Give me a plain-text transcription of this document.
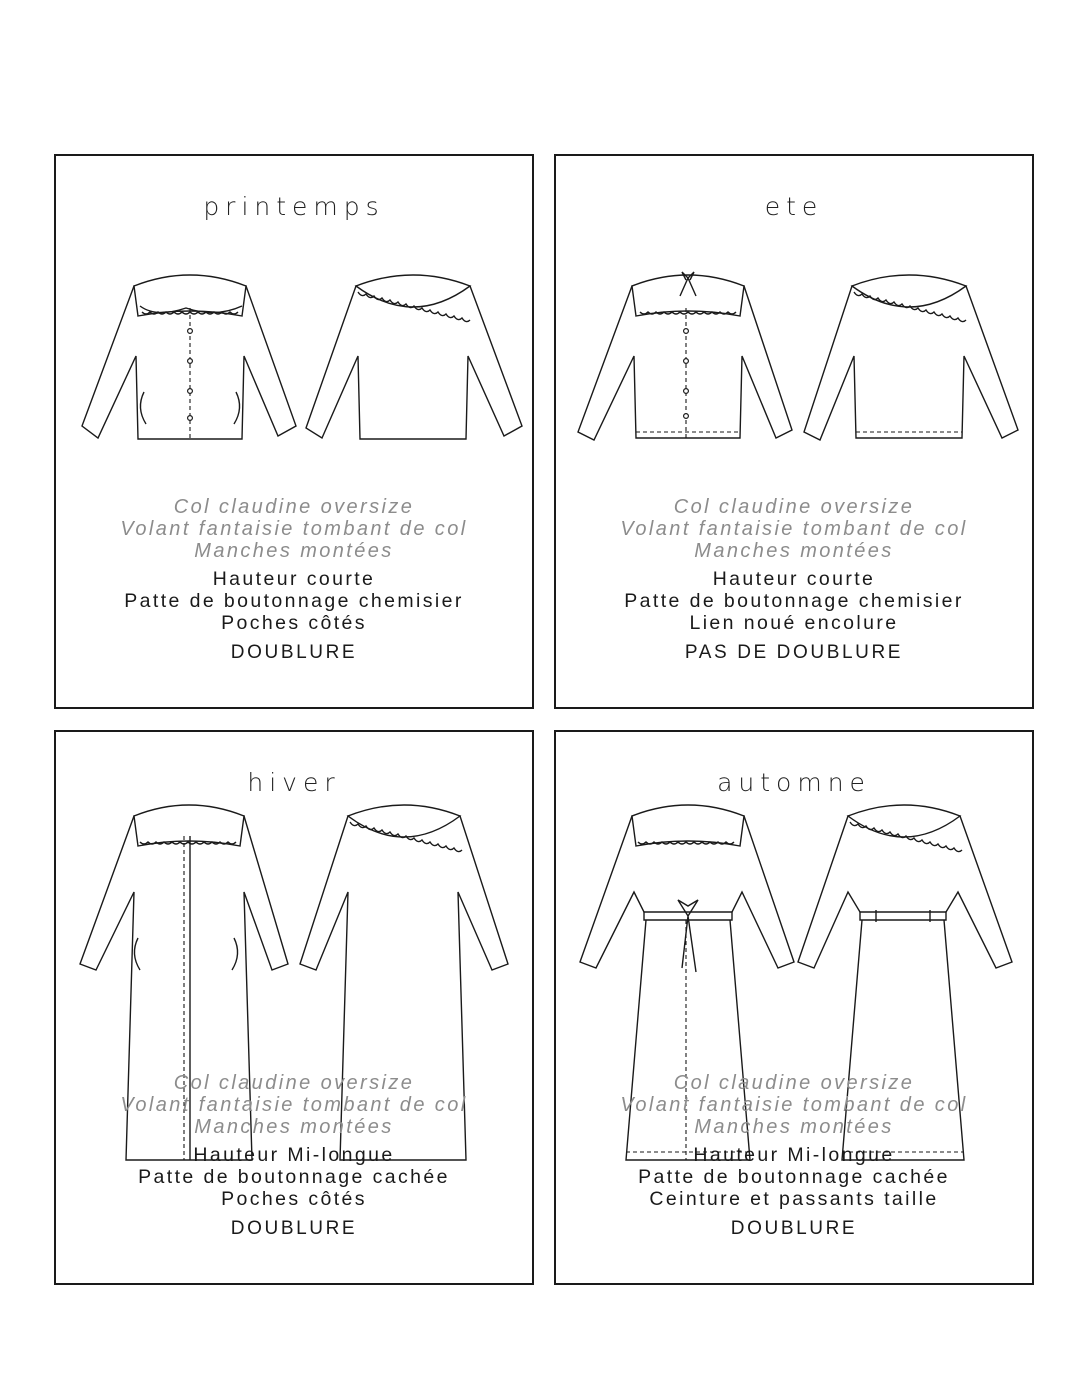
printemps
Col claudine oversize
Volant fantaisie tombant de col
Manches montées
Hauteur courte
Patte de boutonnage chemisier
Poches côtés
DOUBLURE
ete
Col claudine oversize
Volant fantaisie tombant de col
Manches montées
Hauteur courte
Patte de boutonnage chemisier
Lien noué encolure
PAS DE DOUBLURE
hiver
Col claudine oversize
Volant fantaisie tombant de col
Manches montées
Hauteur Mi-longue
Patte de boutonnage cachée
Poches côtés
DOUBLURE
automne
Col claudine oversize
Volant fantaisie tombant de col
Manches montées
Hauteur Mi-longue
Patte de boutonnage cachée
Ceinture et passants taille
DOUBLURE
